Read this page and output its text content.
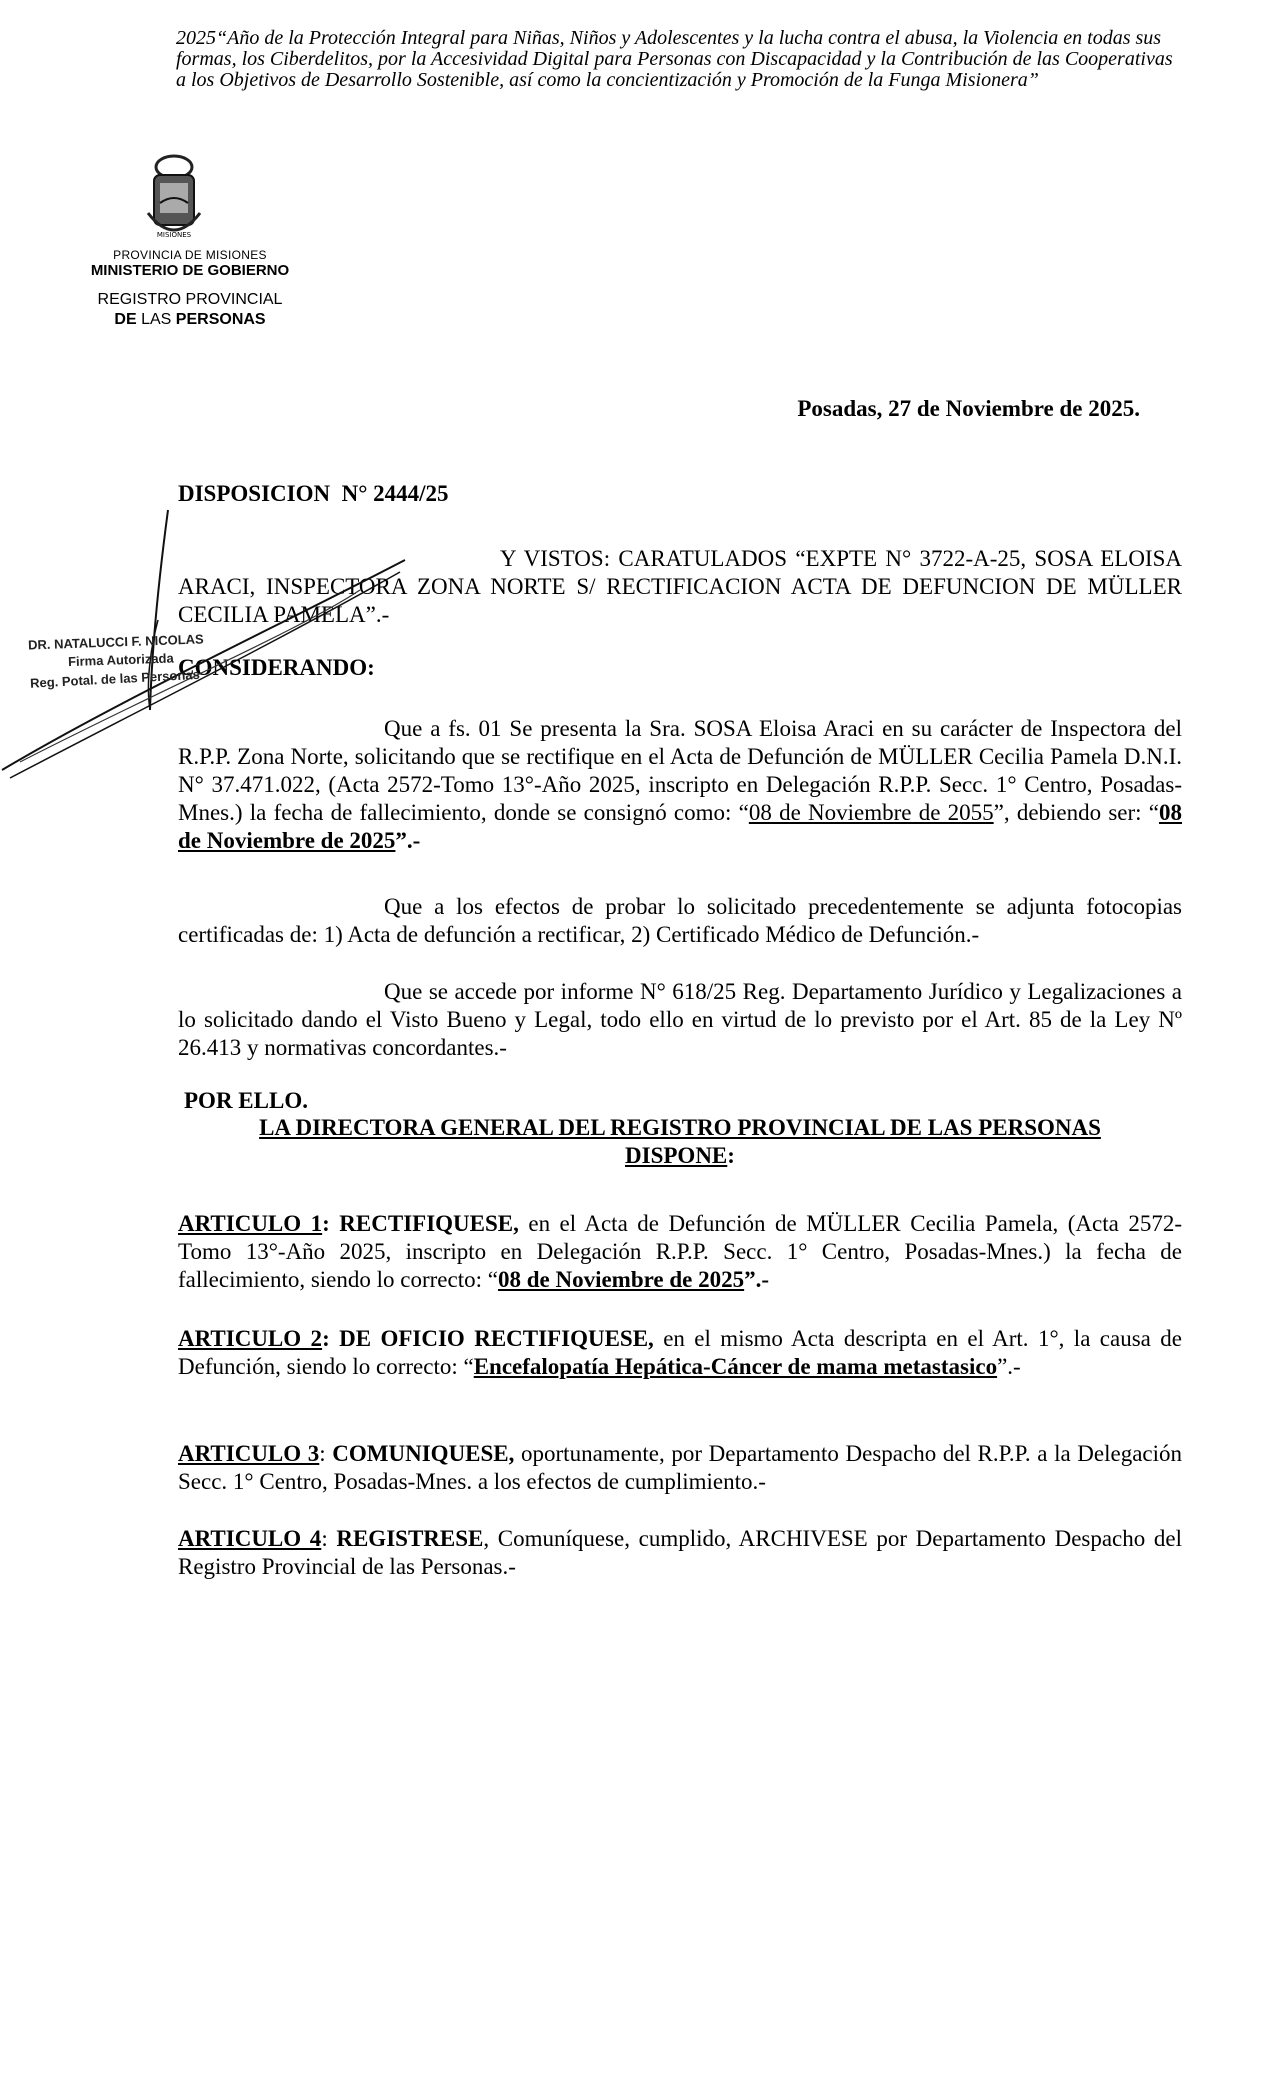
2025“Año de la Protección Integral para Niñas, Niños y Adolescentes y la lucha contra el abusa, la Violencia en todas sus formas, los Ciberdelitos, por la Accesividad Digital para Personas con Discapacidad y la Contribución de las Cooperativas a los Objetivos de Desarrollo Sostenible, así como la concientización y Promoción de la Funga Misionera”
MISIONES
PROVINCIA DE MISIONES
MINISTERIO DE GOBIERNO
REGISTRO PROVINCIAL
DE LAS PERSONAS
Posadas, 27 de Noviembre de 2025.
DISPOSICION  N° 2444/25
Y VISTOS: CARATULADOS “EXPTE N° 3722-A-25, SOSA ELOISA ARACI, INSPECTORA ZONA NORTE S/ RECTIFICACION ACTA DE DEFUNCION DE MÜLLER CECILIA PAMELA”.-
CONSIDERANDO:
Que a fs. 01 Se presenta la Sra. SOSA Eloisa Araci en su carácter de Inspectora del R.P.P. Zona Norte, solicitando que se rectifique en el Acta de Defunción de MÜLLER Cecilia Pamela D.N.I. N° 37.471.022, (Acta 2572-Tomo 13°-Año 2025, inscripto en Delegación R.P.P. Secc. 1° Centro, Posadas-Mnes.) la fecha de fallecimiento, donde se consignó como: “08 de Noviembre de 2055”, debiendo ser: “08 de Noviembre de 2025”.-
Que a los efectos de probar lo solicitado precedentemente se adjunta fotocopias certificadas de: 1) Acta de defunción a rectificar, 2) Certificado Médico de Defunción.-
Que se accede por informe N° 618/25 Reg. Departamento Jurídico y Legalizaciones a lo solicitado dando el Visto Bueno y Legal, todo ello en virtud de lo previsto por el Art. 85 de la Ley Nº 26.413 y normativas concordantes.-
POR ELLO.
LA DIRECTORA GENERAL DEL REGISTRO PROVINCIAL DE LAS PERSONAS
DISPONE:
ARTICULO 1: RECTIFIQUESE, en el Acta de Defunción de MÜLLER Cecilia Pamela, (Acta 2572-Tomo 13°-Año 2025, inscripto en Delegación R.P.P. Secc. 1° Centro, Posadas-Mnes.) la fecha de fallecimiento, siendo lo correcto: “08 de Noviembre de 2025”.-
ARTICULO 2: DE OFICIO RECTIFIQUESE, en el mismo Acta descripta en el Art. 1°, la causa de Defunción, siendo lo correcto: “Encefalopatía Hepática-Cáncer de mama metastasico”.-
ARTICULO 3: COMUNIQUESE, oportunamente, por Departamento Despacho del R.P.P. a la Delegación Secc. 1° Centro, Posadas-Mnes. a los efectos de cumplimiento.-
ARTICULO 4: REGISTRESE, Comuníquese, cumplido, ARCHIVESE por Departamento Despacho del Registro Provincial de las Personas.-
DR. NATALUCCI F. NICOLAS
Firma Autorizada
Reg. Potal. de las Personas
